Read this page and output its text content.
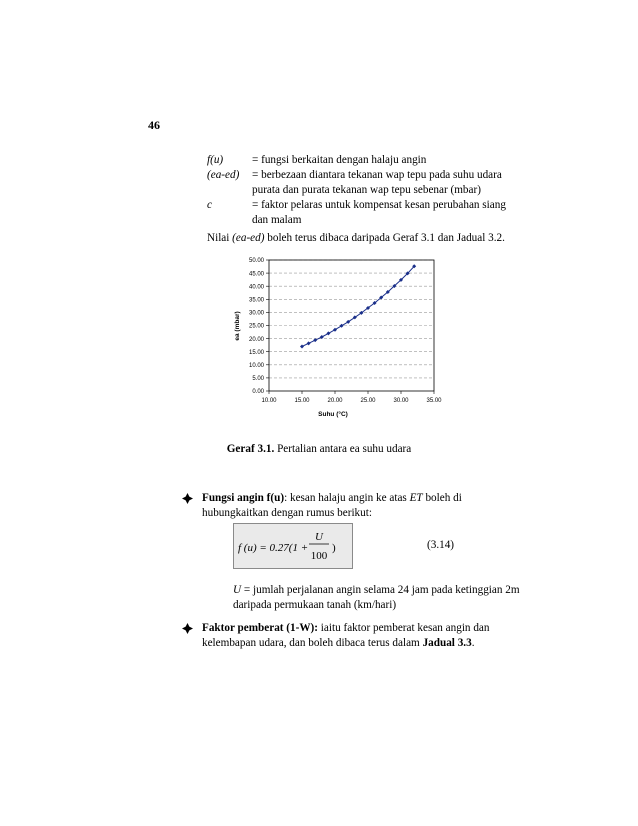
46
f(u)	= fungsi berkaitan dengan halaju angin
(ea-ed)	= berbezaan diantara tekanan wap tepu pada suhu udara purata dan purata tekanan wap tepu sebenar (mbar)
c	= faktor pelaras untuk kompensat kesan perubahan siang dan malam
Nilai (ea-ed) boleh terus dibaca daripada Geraf 3.1 dan Jadual 3.2.
0.00
5.00
10.00
15.00
20.00
25.00
30.00
35.00
40.00
45.00
50.00
10.00	15.00	20.00	25.00	30.00	35.00
Suhu (°C)
ea (mbar)
Geraf 3.1. Pertalian antara ea suhu udara
Fungsi angin f(u): kesan halaju angin ke atas ET boleh di hubungkaitkan dengan rumus berikut:
f (u) = 0.27(1 +
U
100
)	(3.14)
U = jumlah perjalanan angin selama 24 jam pada ketinggian 2m daripada permukaan tanah (km/hari)
Faktor pemberat (1-W): iaitu faktor pemberat kesan angin dan kelembapan udara, dan boleh dibaca terus dalam Jadual 3.3.
